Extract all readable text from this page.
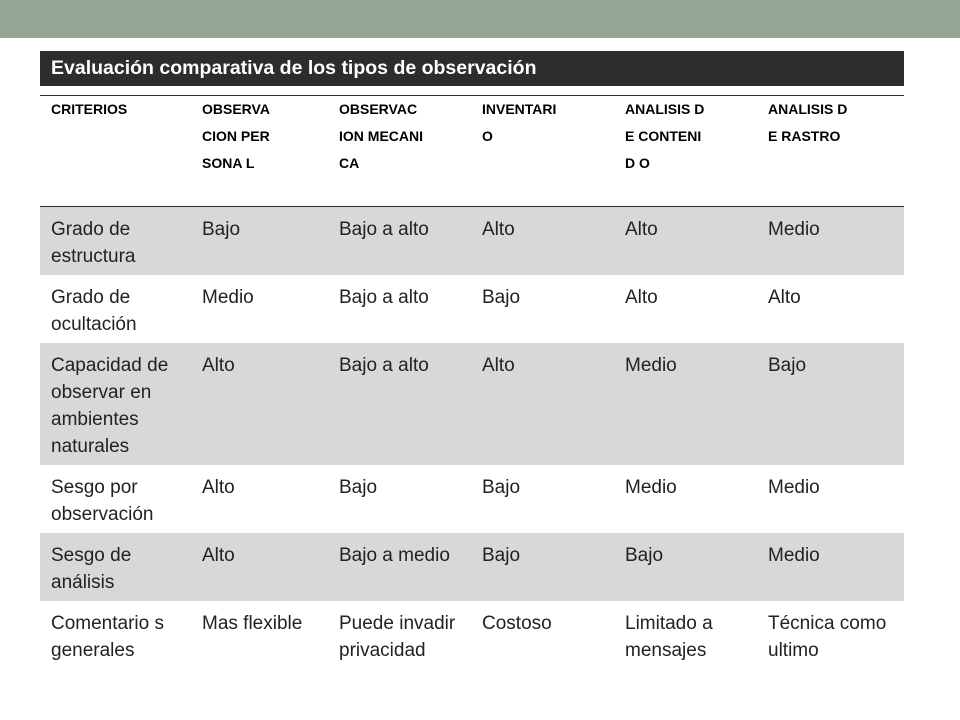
Evaluación comparativa de los tipos de observación
CRITERIOS	OBSERVA CION PERSONA L	OBSERVAC ION MECANICA	INVENTARI O	ANALISIS DE CONTENID O	ANALISIS DE RASTRO

Grado de estructura	Bajo	Bajo a alto	Alto	Alto	Medio
Grado de ocultación	Medio	Bajo a alto	Bajo	Alto	Alto
Capacidad de observar en ambientes naturales	Alto	Bajo a alto	Alto	Medio	Bajo
Sesgo por observación	Alto	Bajo	Bajo	Medio	Medio
Sesgo de análisis	Alto	Bajo a medio	Bajo	Bajo	Medio
Comentario s generales	Mas flexible	Puede invadir privacidad	Costoso	Limitado a mensajes	Técnica como ultimo
